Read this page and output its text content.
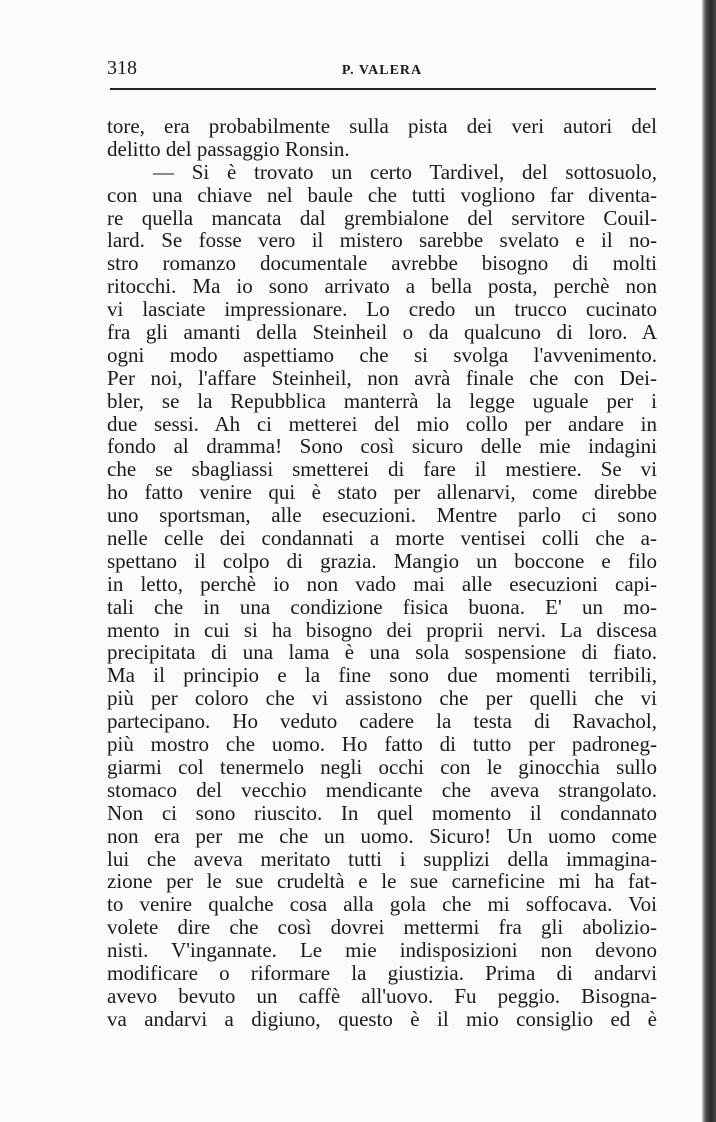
318	P. VALERA
tore, era probabilmente sulla pista dei veri autori del
delitto del passaggio Ronsin.
— Si è trovato un certo Tardivel, del sottosuolo,
con una chiave nel baule che tutti vogliono far diventa-
re quella mancata dal grembialone del servitore Couil-
lard. Se fosse vero il mistero sarebbe svelato e il no-
stro romanzo documentale avrebbe bisogno di molti
ritocchi. Ma io sono arrivato a bella posta, perchè non
vi lasciate impressionare. Lo credo un trucco cucinato
fra gli amanti della Steinheil o da qualcuno di loro. A
ogni modo aspettiamo che si svolga l'avvenimento.
Per noi, l'affare Steinheil, non avrà finale che con Dei-
bler, se la Repubblica manterrà la legge uguale per i
due sessi. Ah ci metterei del mio collo per andare in
fondo al dramma! Sono così sicuro delle mie indagini
che se sbagliassi smetterei di fare il mestiere. Se vi
ho fatto venire qui è stato per allenarvi, come direbbe
uno sportsman, alle esecuzioni. Mentre parlo ci sono
nelle celle dei condannati a morte ventisei colli che a-
spettano il colpo di grazia. Mangio un boccone e filo
in letto, perchè io non vado mai alle esecuzioni capi-
tali che in una condizione fisica buona. E' un mo-
mento in cui si ha bisogno dei proprii nervi. La discesa
precipitata di una lama è una sola sospensione di fiato.
Ma il principio e la fine sono due momenti terribili,
più per coloro che vi assistono che per quelli che vi
partecipano. Ho veduto cadere la testa di Ravachol,
più mostro che uomo. Ho fatto di tutto per padroneg-
giarmi col tenermelo negli occhi con le ginocchia sullo
stomaco del vecchio mendicante che aveva strangolato.
Non ci sono riuscito. In quel momento il condannato
non era per me che un uomo. Sicuro! Un uomo come
lui che aveva meritato tutti i supplizi della immagina-
zione per le sue crudeltà e le sue carneficine mi ha fat-
to venire qualche cosa alla gola che mi soffocava. Voi
volete dire che così dovrei mettermi fra gli abolizio-
nisti. V'ingannate. Le mie indisposizioni non devono
modificare o riformare la giustizia. Prima di andarvi
avevo bevuto un caffè all'uovo. Fu peggio. Bisogna-
va andarvi a digiuno, questo è il mio consiglio ed è
